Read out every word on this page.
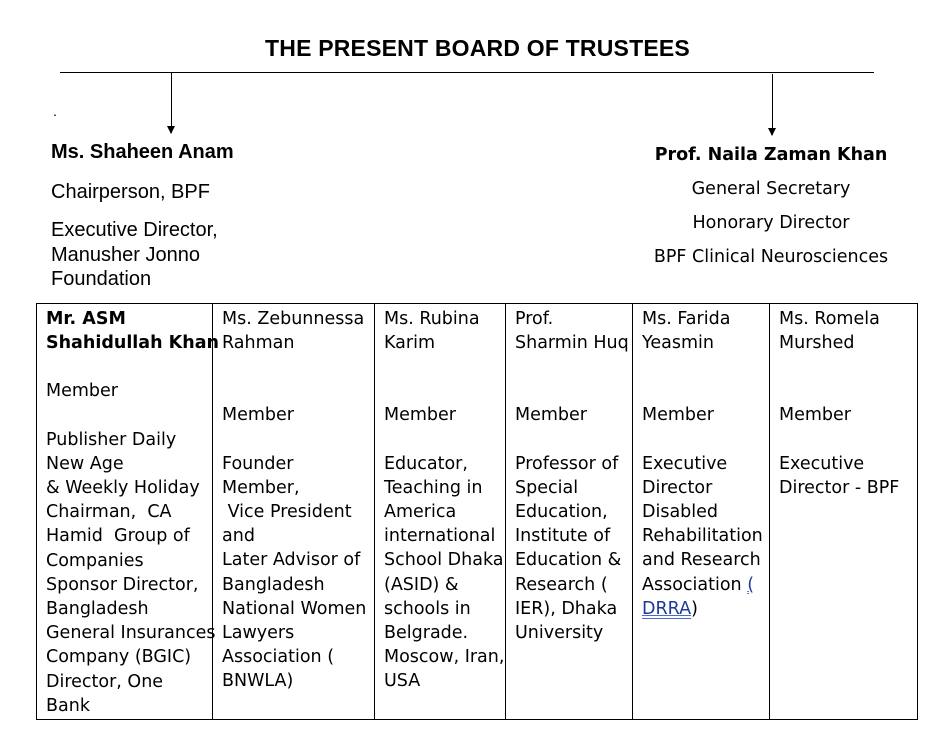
THE PRESENT BOARD OF TRUSTEES
.
Ms. Shaheen Anam
Chairperson, BPF
Executive Director,
Manusher Jonno
Foundation
Prof. Naila Zaman Khan
General Secretary
Honorary Director
BPF Clinical Neurosciences
Mr. ASM
Shahidullah Khan
Member
Publisher Daily
New Age
& Weekly Holiday
Chairman,  CA
Hamid  Group of
Companies
Sponsor Director,
Bangladesh
General Insurances
Company (BGIC)
Director, One
Bank

Ms. Zebunnessa
Rahman
Member
Founder
Member,
Vice President
and
Later Advisor of
Bangladesh
National Women
Lawyers
Association (
BNWLA)

Ms. Rubina
Karim
Member
Educator,
Teaching in
America
international
School Dhaka
(ASID) &
schools in
Belgrade.
Moscow, Iran,
USA

Prof.
Sharmin Huq
Member
Professor of
Special
Education,
Institute of
Education &
Research (
IER), Dhaka
University

Ms. Farida
Yeasmin
Member
Executive
Director
Disabled
Rehabilitation
and Research
Association (
DRRA)

Ms. Romela
Murshed
Member
Executive
Director - BPF
